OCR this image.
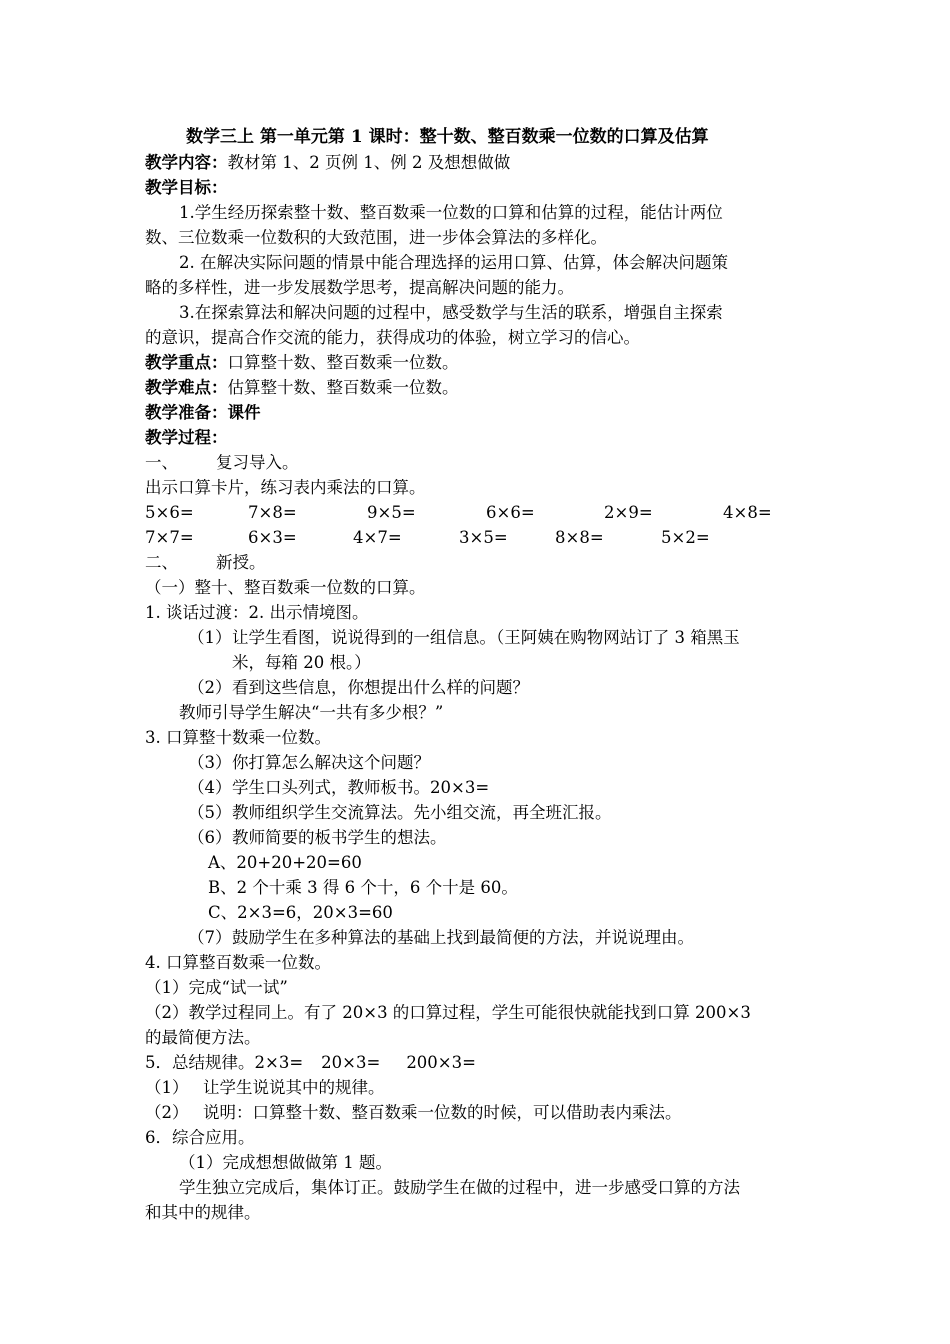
数学三上 第一单元第 1 课时：整十数、整百数乘一位数的口算及估算
教学内容：教材第 1、2 页例 1、例 2 及想想做做
教学目标：
1.学生经历探索整十数、整百数乘一位数的口算和估算的过程，能估计两位
数、三位数乘一位数积的大致范围，进一步体会算法的多样化。
2. 在解决实际问题的情景中能合理选择的运用口算、估算，体会解决问题策
略的多样性，进一步发展数学思考，提高解决问题的能力。
3.在探索算法和解决问题的过程中，感受数学与生活的联系，增强自主探索
的意识，提高合作交流的能力，获得成功的体验，树立学习的信心。
教学重点：口算整十数、整百数乘一位数。
教学难点：估算整十数、整百数乘一位数。
教学准备：课件
教学过程：
一、 复习导入。
出示口算卡片，练习表内乘法的口算。
5×6=	7×8=	9×5=	6×6=	2×9=	4×8=
7×7=	6×3=	4×7=	3×5=	8×8=	5×2=
二、 新授。
（一）整十、整百数乘一位数的口算。
1. 谈话过渡：2. 出示情境图。
（1） 让学生看图，说说得到的一组信息。（王阿姨在购物网站订了 3 箱黑玉
米，每箱 20 根。）
（2） 看到这些信息，你想提出什么样的问题？
教师引导学生解决“一共有多少根？”
3. 口算整十数乘一位数。
（3） 你打算怎么解决这个问题？
（4） 学生口头列式，教师板书。20×3=
（5） 教师组织学生交流算法。先小组交流，再全班汇报。
（6） 教师简要的板书学生的想法。
A、20+20+20=60
B、2 个十乘 3 得 6 个十，6 个十是 60。
C、2×3=6，20×3=60
（7） 鼓励学生在多种算法的基础上找到最简便的方法，并说说理由。
4. 口算整百数乘一位数。
（1）完成“试一试”
（2）教学过程同上。有了 20×3 的口算过程，学生可能很快就能找到口算 200×3
的最简便方法。
5．总结规律。2×3= 20×3= 200×3=
（1） 让学生说说其中的规律。
（2） 说明：口算整十数、整百数乘一位数的时候，可以借助表内乘法。
6．综合应用。
（1）完成想想做做第 1 题。
学生独立完成后，集体订正。鼓励学生在做的过程中，进一步感受口算的方法
和其中的规律。
